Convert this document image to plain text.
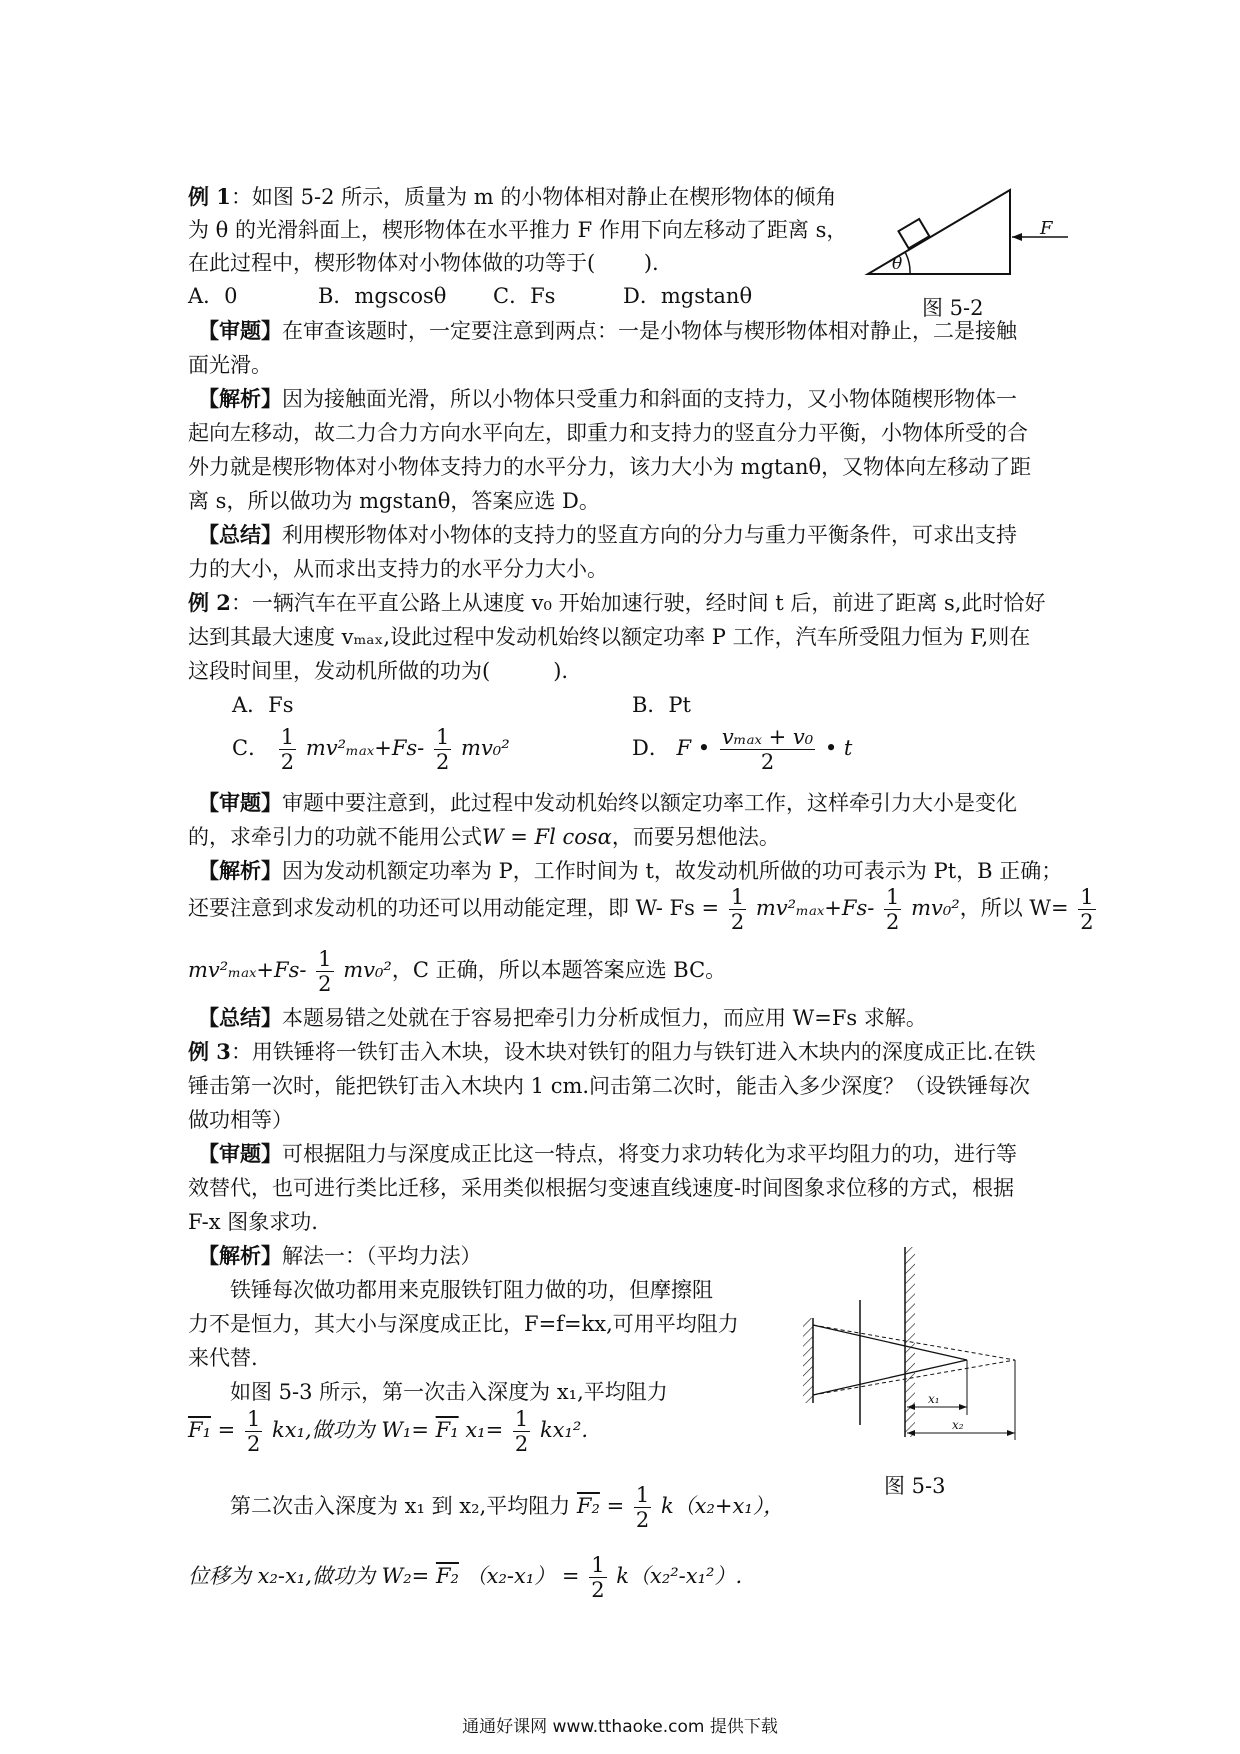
例 1：如图 5-2 所示，质量为 m 的小物体相对静止在楔形物体的倾角
为 θ 的光滑斜面上，楔形物体在水平推力 F 作用下向左移动了距离 s，
在此过程中，楔形物体对小物体做的功等于(　　 ).
A．0	B．mgscosθ C．Fs	D．mgstanθ
F
θ
图 5-2
【审题】在审查该题时，一定要注意到两点：一是小物体与楔形物体相对静止，二是接触
面光滑。
【解析】因为接触面光滑，所以小物体只受重力和斜面的支持力，又小物体随楔形物体一
起向左移动，故二力合力方向水平向左，即重力和支持力的竖直分力平衡，小物体所受的合
外力就是楔形物体对小物体支持力的水平分力，该力大小为 mgtanθ，又物体向左移动了距
离 s，所以做功为 mgstanθ，答案应选 D。
【总结】利用楔形物体对小物体的支持力的竖直方向的分力与重力平衡条件，可求出支持
力的大小，从而求出支持力的水平分力大小。
例 2：一辆汽车在平直公路上从速度 v₀ 开始加速行驶，经时间 t 后，前进了距离 s,此时恰好
达到其最大速度 vₘₐₓ,设此过程中发动机始终以额定功率 P 工作，汽车所受阻力恒为 F,则在
这段时间里，发动机所做的功为(　　　).
A．Fs	B．Pt
C． $\frac{1}{2} mv^2_{max}+Fs- \frac{1}{2} mv_0^2$	D． F • $\frac{\text{vₘₐₓ + v₀}}{2}$ • t
【审题】审题中要注意到，此过程中发动机始终以额定功率工作，这样牵引力大小是变化
的，求牵引力的功就不能用公式W = Fl cosα，而要另想他法。
【解析】因为发动机额定功率为 P，工作时间为 t，故发动机所做的功可表示为 Pt，B 正确；
还要注意到求发动机的功还可以用动能定理，即 W- $Fs = \frac{1}{2} mv^2_{max}+Fs- \frac{1}{2} mv_0^2$，所以 $W= \frac{1}{2}$
$mv^2_{max}+Fs- \frac{1}{2} mv_0^2$，C 正确，所以本题答案应选 BC。
【总结】本题易错之处就在于容易把牵引力分析成恒力，而应用 W=Fs 求解。
例 3：用铁锤将一铁钉击入木块，设木块对铁钉的阻力与铁钉进入木块内的深度成正比.在铁
锤击第一次时，能把铁钉击入木块内 1 cm.问击第二次时，能击入多少深度？（设铁锤每次
做功相等）
【审题】可根据阻力与深度成正比这一特点，将变力求功转化为求平均阻力的功，进行等
效替代，也可进行类比迁移，采用类似根据匀变速直线速度-时间图象求位移的方式，根据
F-x 图象求功.
【解析】解法一：（平均力法）
铁锤每次做功都用来克服铁钉阻力做的功，但摩擦阻
力不是恒力，其大小与深度成正比，F=f=kx,可用平均阻力
来代替.
如图 5-3 所示，第一次击入深度为 x₁,平均阻力
$F_1 = \frac{1}{2} kx_1$,做功为 W₁= F₁ $x_1= \frac{1}{2} kx_1^2$.
第二次击入深度为 x₁ 到 x₂,平均阻力 $F_2 = \frac{1}{2} k(x_2+x_1)$，
位移为 x₂-x₁,做功为 W₂= F₂ $(x_2-x_1) = \frac{1}{2} k(x_2^2-x_1^2)$.
x₁
x₂
图 5-3
通通好课网 www.tthaoke.com 提供下载
